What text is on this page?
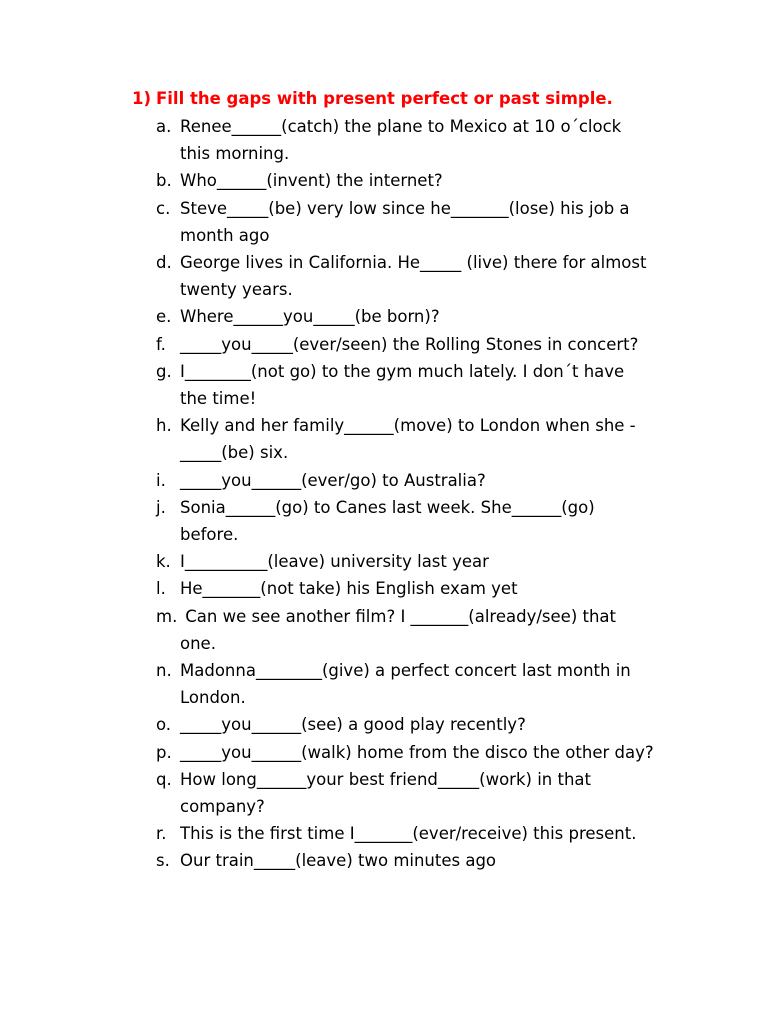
1) Fill the gaps with present perfect or past simple.
a. Renee______(catch) the plane to Mexico at 10 o´clock this morning.
b. Who______(invent) the internet?
c. Steve_____(be) very low since he_______(lose) his job a month ago
d. George lives in California. He_____ (live) there for almost twenty years.
e. Where______you_____(be born)?
f. _____you_____(ever/seen) the Rolling Stones in concert?
g. I________(not go) to the gym much lately. I don´t have the time!
h. Kelly and her family______(move) to London when she -_____(be) six.
i. _____you______(ever/go) to Australia?
j. Sonia______(go) to Canes last week. She______(go) before.
k. I__________(leave) university last year
l. He_______(not take) his English exam yet
m. Can we see another film? I _______(already/see) that one.
n. Madonna________(give) a perfect concert last month in London.
o. _____you______(see) a good play recently?
p. _____you______(walk) home from the disco the other day?
q. How long______your best friend_____(work) in that company?
r. This is the first time I_______(ever/receive) this present.
s. Our train_____(leave) two minutes ago
